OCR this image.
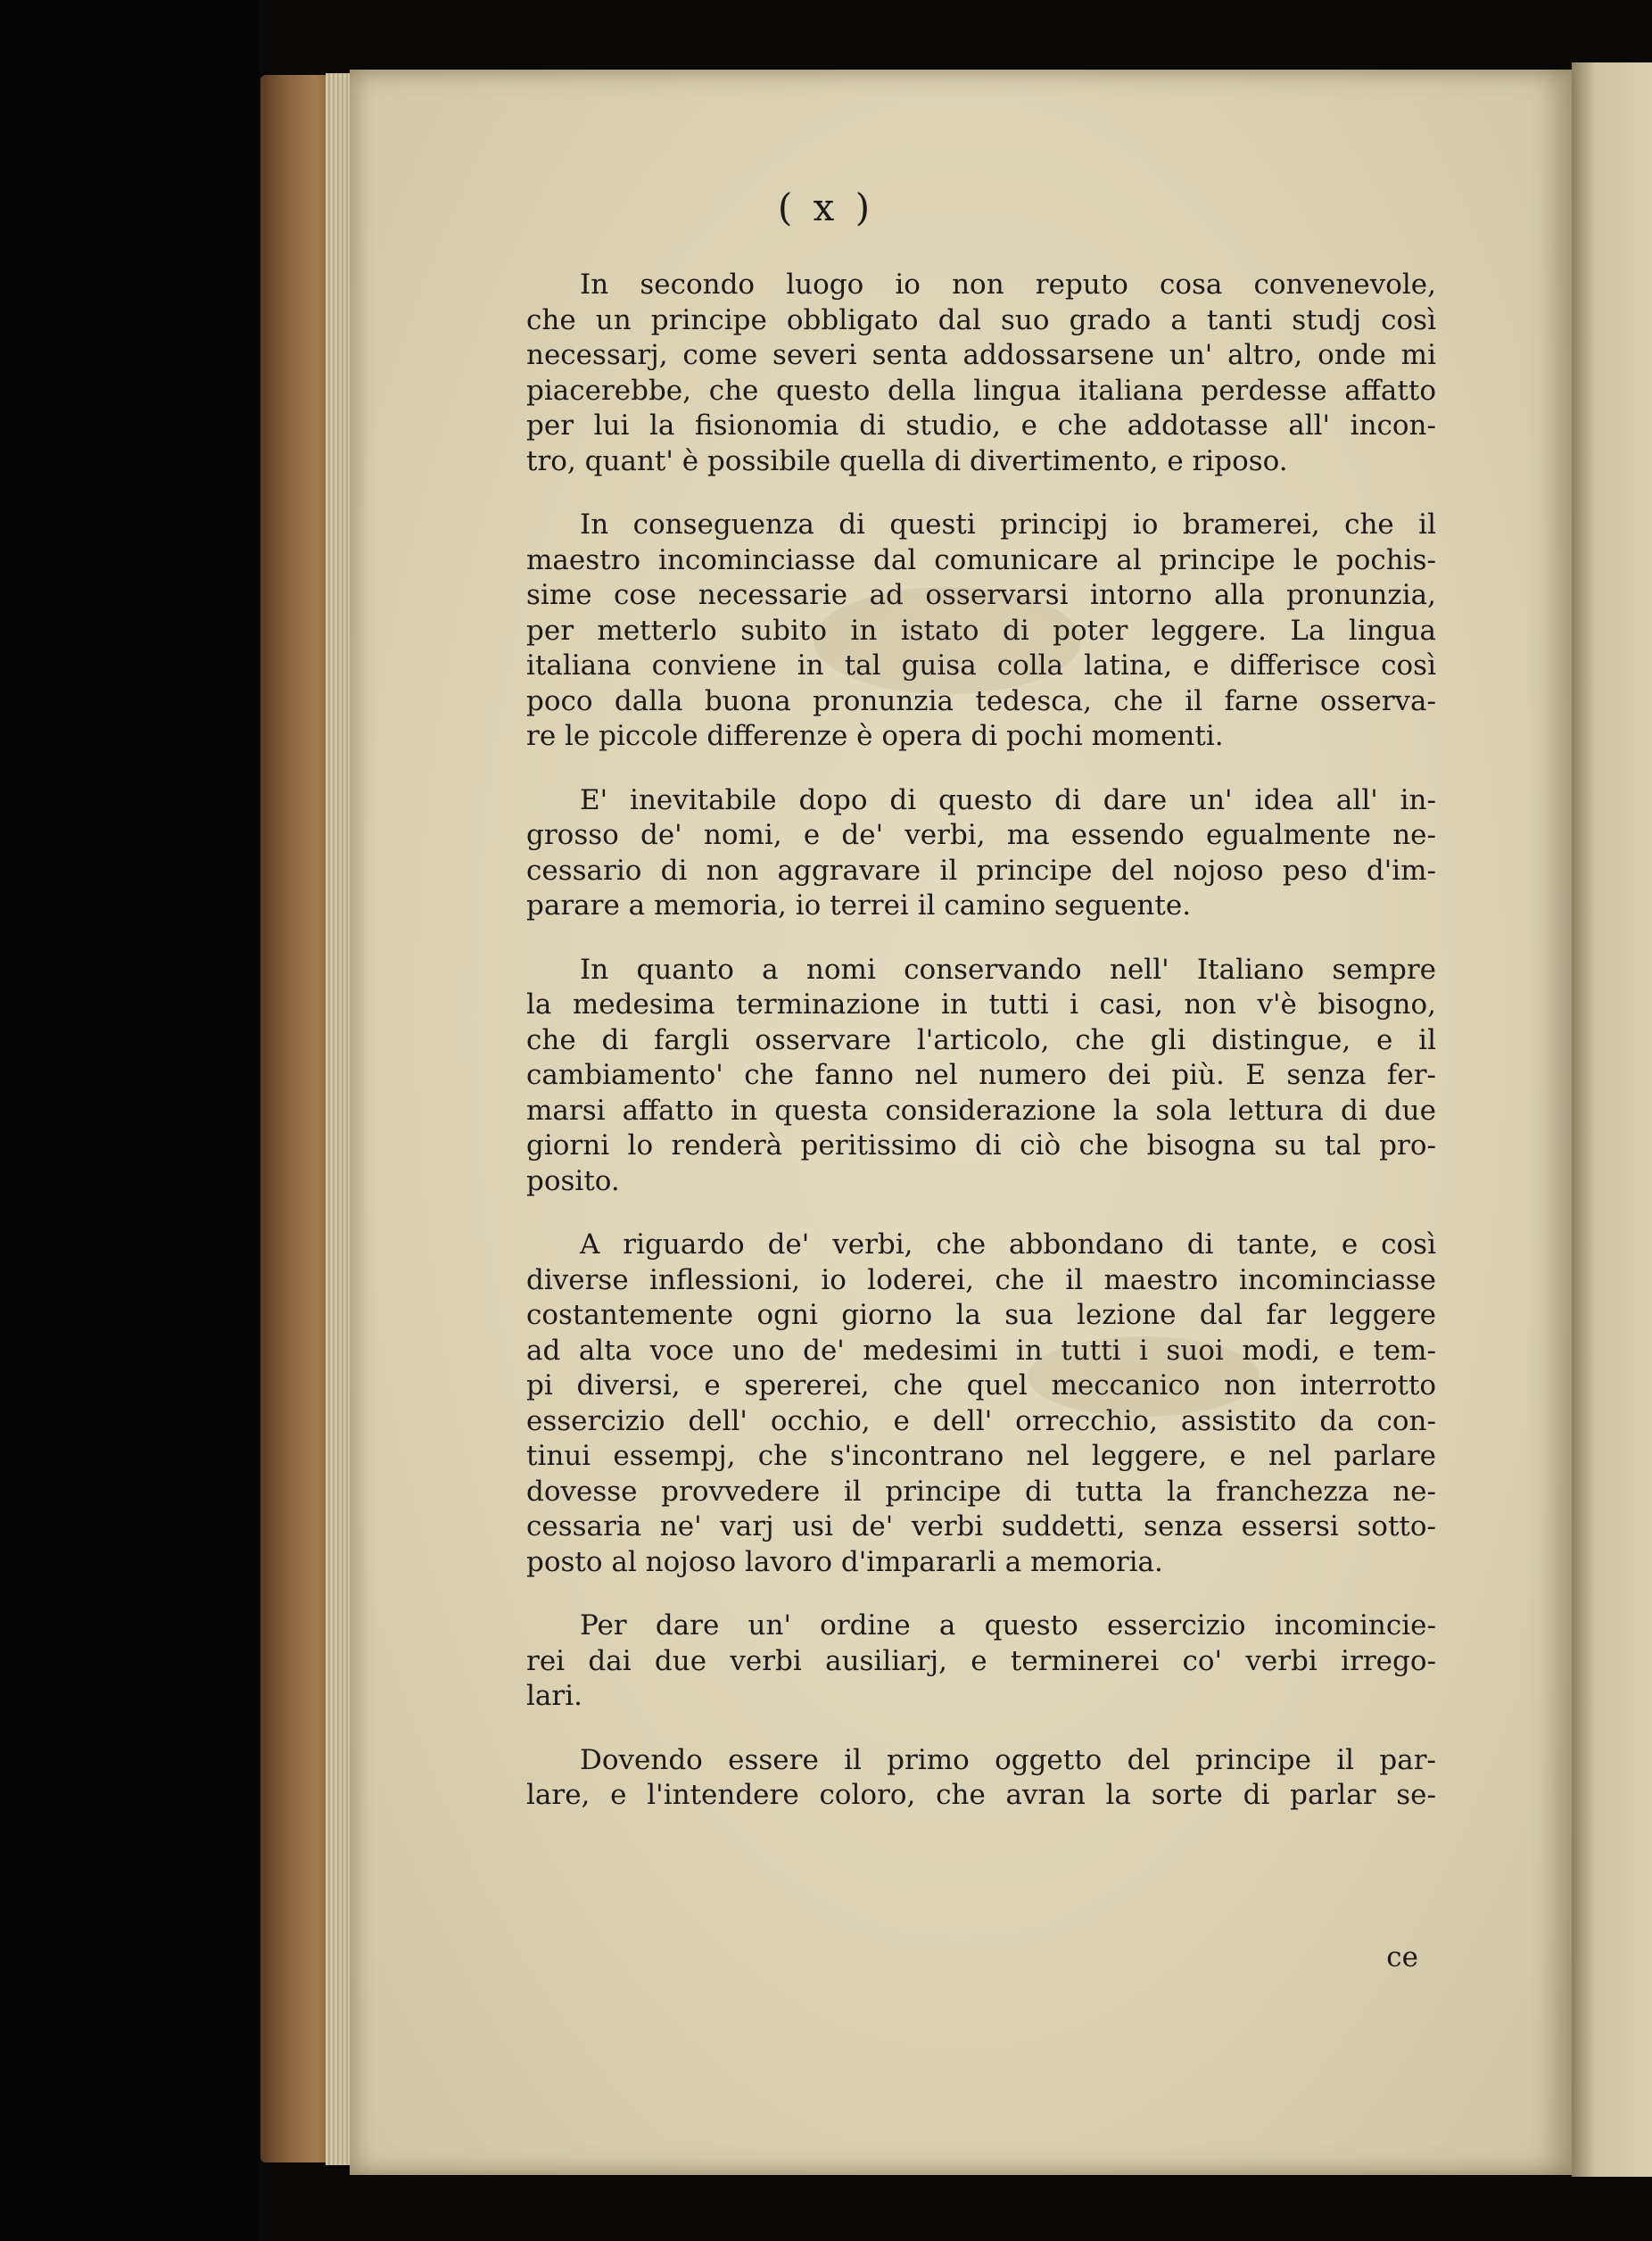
( x )

In secondo luogo io non reputo cosa convenevole,
che un principe obbligato dal suo grado a tanti studj così
necessarj, come severi senta addossarsene un' altro, onde mi
piacerebbe, che questo della lingua italiana perdesse affatto
per lui la fisionomia di studio, e che addotasse all' incon-
tro, quant' è possibile quella di divertimento, e riposo.

In conseguenza di questi principj io bramerei, che il
maestro incominciasse dal comunicare al principe le pochis-
sime cose necessarie ad osservarsi intorno alla pronunzia,
per metterlo subito in istato di poter leggere. La lingua
italiana conviene in tal guisa colla latina, e differisce così
poco dalla buona pronunzia tedesca, che il farne osserva-
re le piccole differenze è opera di pochi momenti.

E' inevitabile dopo di questo di dare un' idea all' in-
grosso de' nomi, e de' verbi, ma essendo egualmente ne-
cessario di non aggravare il principe del nojoso peso d'im-
parare a memoria, io terrei il camino seguente.

In quanto a nomi conservando nell' Italiano sempre
la medesima terminazione in tutti i casi, non v'è bisogno,
che di fargli osservare l'articolo, che gli distingue, e il
cambiamento' che fanno nel numero dei più. E senza fer-
marsi affatto in questa considerazione la sola lettura di due
giorni lo renderà peritissimo di ciò che bisogna su tal pro-
posito.

A riguardo de' verbi, che abbondano di tante, e così
diverse inflessioni, io loderei, che il maestro incominciasse
costantemente ogni giorno la sua lezione dal far leggere
ad alta voce uno de' medesimi in tutti i suoi modi, e tem-
pi diversi, e spererei, che quel meccanico non interrotto
essercizio dell' occhio, e dell' orrecchio, assistito da con-
tinui essempj, che s'incontrano nel leggere, e nel parlare
dovesse provvedere il principe di tutta la franchezza ne-
cessaria ne' varj usi de' verbi suddetti, senza essersi sotto-
posto al nojoso lavoro d'impararli a memoria.

Per dare un' ordine a questo essercizio incomincie-
rei dai due verbi ausiliarj, e terminerei co' verbi irrego-
lari.

Dovendo essere il primo oggetto del principe il par-
lare, e l'intendere coloro, che avran la sorte di parlar se-

ce
